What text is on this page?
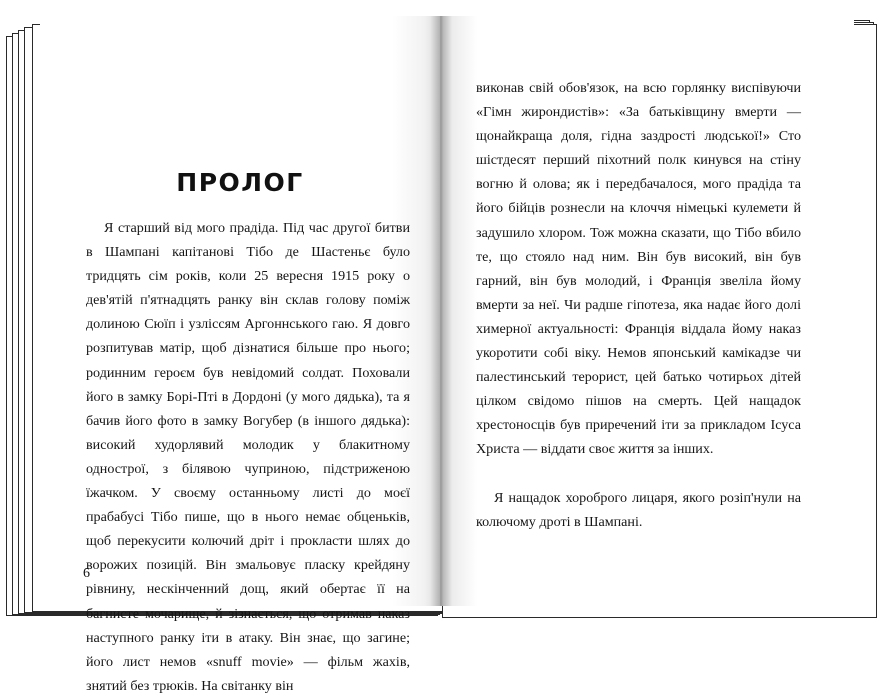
ПРОЛОГ

Я старший від мого прадіда. Під час другої битви в Шампані капітанові Тібо де Шастеньє було тридцять сім років, коли 25 вересня 1915 року о дев'ятій п'ятнадцять ранку він склав голову поміж долиною Сюїп і узліссям Аргоннського гаю. Я довго розпитував матір, щоб дізнатися більше про нього; родинним героєм був невідомий солдат. Поховали його в замку Борі-Пті в Дордоні (у мого дядька), та я бачив його фото в замку Вогубер (в іншого дядька): високий худорлявий молодик у блакитному однострої, з білявою чуприною, підстриженою їжачком. У своєму останньому листі до моєї прабабусі Тібо пише, що в нього немає обценьків, щоб перекусити колючий дріт і прокласти шлях до ворожих позицій. Він змальовує пласку крейдяну рівнину, нескінченний дощ, який обертає її на багнисте мочарище, й зізнається, що отримав наказ наступного ранку іти в атаку. Він знає, що загине; його лист немов «snuff movie» — фільм жахів, знятий без трюків. На світанку він

6

виконав свій обов'язок, на всю горлянку виспівуючи «Гімн жирондистів»: «За батьківщину вмерти — щонайкраща доля, гідна заздрості людської!» Сто шістдесят перший піхотний полк кинувся на стіну вогню й олова; як і передбачалося, мого прадіда та його бійців рознесли на клоччя німецькі кулемети й задушило хлором. Тож можна сказати, що Тібо вбило те, що стояло над ним. Він був високий, він був гарний, він був молодий, і Франція звеліла йому вмерти за неї. Чи радше гіпотеза, яка надає його долі химерної актуальності: Франція віддала йому наказ укоротити собі віку. Немов японський камікадзе чи палестинський терорист, цей батько чотирьох дітей цілком свідомо пішов на смерть. Цей нащадок хрестоносців був приречений іти за прикладом Ісуса Христа — віддати своє життя за інших.

Я нащадок хороброго лицаря, якого розіп'нули на колючому дроті в Шампані.
